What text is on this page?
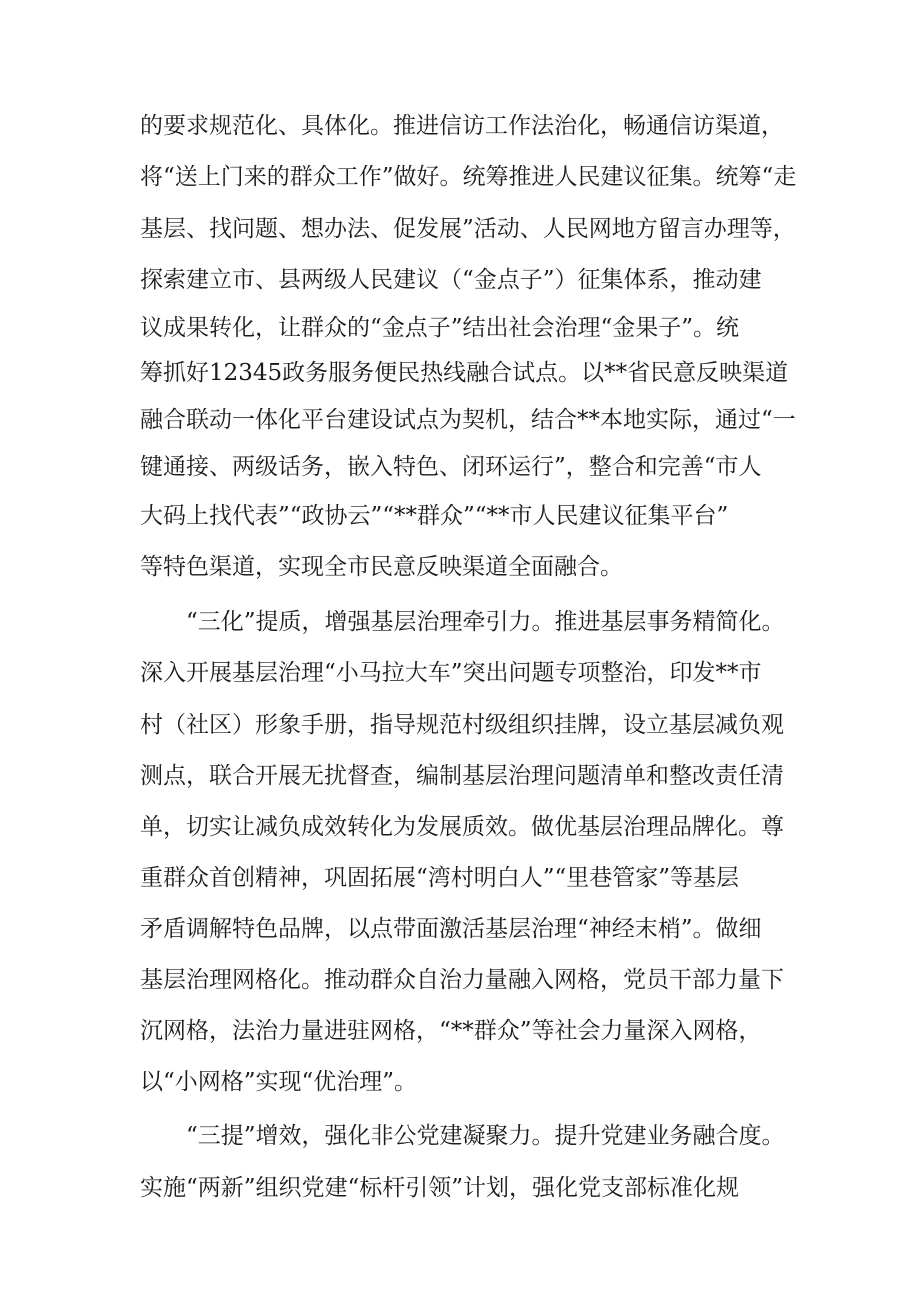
的要求规范化、具体化。推进信访工作法治化，畅通信访渠道，
将“送上门来的群众工作”做好。统筹推进人民建议征集。统筹“走
基层、找问题、想办法、促发展”活动、人民网地方留言办理等，
探索建立市、县两级人民建议（“金点子”）征集体系，推动建
议成果转化，让群众的“金点子”结出社会治理“金果子”。统
筹抓好12345政务服务便民热线融合试点。以**省民意反映渠道
融合联动一体化平台建设试点为契机，结合**本地实际，通过“一
键通接、两级话务，嵌入特色、闭环运行”，整合和完善“市人
大码上找代表”“政协云”“**群众”“**市人民建议征集平台”
等特色渠道，实现全市民意反映渠道全面融合。
“三化”提质，增强基层治理牵引力。推进基层事务精简化。
深入开展基层治理“小马拉大车”突出问题专项整治，印发**市
村（社区）形象手册，指导规范村级组织挂牌，设立基层减负观
测点，联合开展无扰督查，编制基层治理问题清单和整改责任清
单，切实让减负成效转化为发展质效。做优基层治理品牌化。尊
重群众首创精神，巩固拓展“湾村明白人”“里巷管家”等基层
矛盾调解特色品牌，以点带面激活基层治理“神经末梢”。做细
基层治理网格化。推动群众自治力量融入网格，党员干部力量下
沉网格，法治力量进驻网格，“**群众”等社会力量深入网格，
以“小网格”实现“优治理”。
“三提”增效，强化非公党建凝聚力。提升党建业务融合度。
实施“两新”组织党建“标杆引领”计划，强化党支部标准化规
